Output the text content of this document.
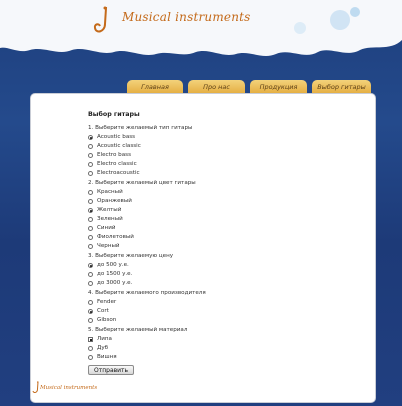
Musical instruments
Главная	Про нас	Продукция	Выбор гитары
Выбор гитары
1. Выберите желаемый тип гитары
Acoustic bass
Acoustic classic
Electro bass
Electro classic
Electroacoustic
2. Выберите желаемый цвет гитары
Красный
Оранжевый
Желтый
Зеленый
Синий
Фиолетовый
Черный
3. Выберите желаемую цену
до 500 у.е.
до 1500 у.е.
до 3000 у.е.
4. Выберите желаемого производителя
Fender
Cort
Gibson
5. Выберите желаемый материал
Липа
Дуб
Вишня
Отправить
Musical instruments
